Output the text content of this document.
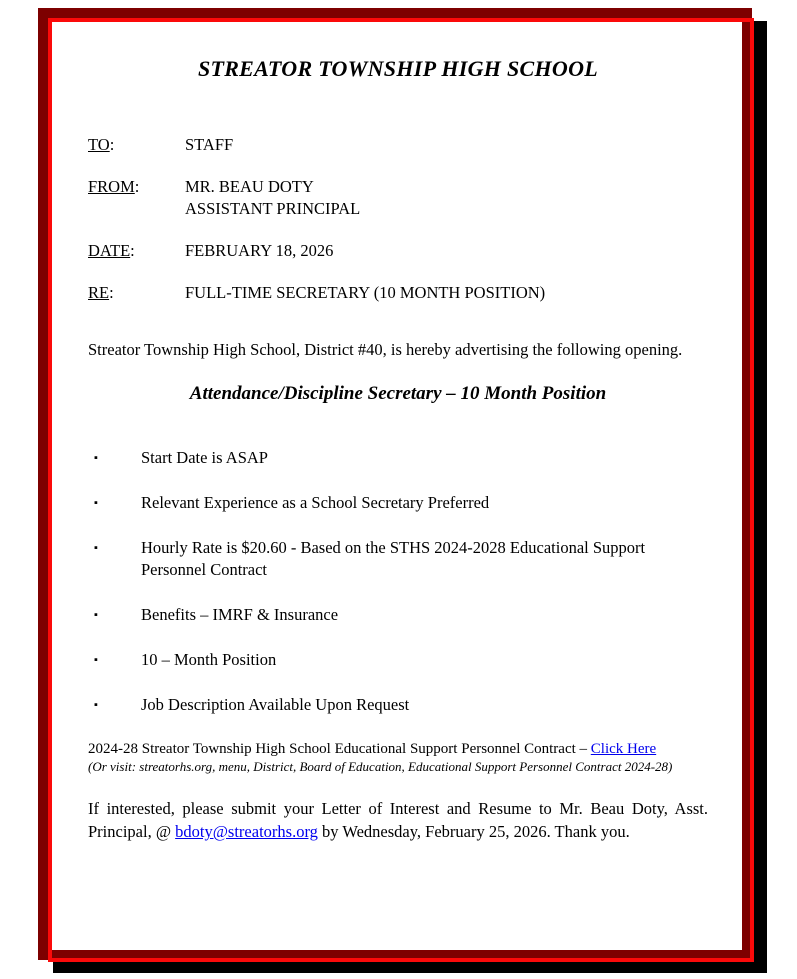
STREATOR TOWNSHIP HIGH SCHOOL
TO:	STAFF
FROM:	MR. BEAU DOTY
ASSISTANT PRINCIPAL
DATE:	FEBRUARY 18, 2026
RE:	FULL-TIME SECRETARY (10 MONTH POSITION)

Streator Township High School, District #40, is hereby advertising the following opening.

Attendance/Discipline Secretary – 10 Month Position
▪	Start Date is ASAP
▪	Relevant Experience as a School Secretary Preferred
▪	Hourly Rate is $20.60 - Based on the STHS 2024-2028 Educational Support Personnel Contract
▪	Benefits – IMRF & Insurance
▪	10 – Month Position
▪	Job Description Available Upon Request

2024-28 Streator Township High School Educational Support Personnel Contract – Click Here

(Or visit: streatorhs.org, menu, District, Board of Education, Educational Support Personnel Contract 2024-28)

If interested, please submit your Letter of Interest and Resume to Mr. Beau Doty, Asst. Principal, @ bdoty@streatorhs.org by Wednesday, February 25, 2026. Thank you.
